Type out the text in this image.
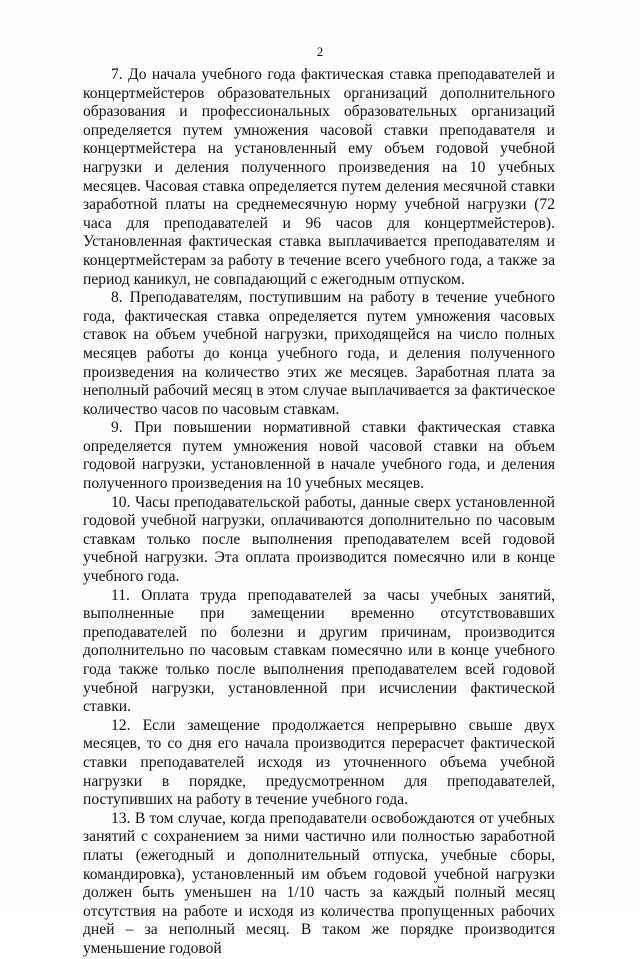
2

7. До начала учебного года фактическая ставка преподавателей и концертмейстеров образовательных организаций дополнительного образования и профессиональных образовательных организаций определяется путем умножения часовой ставки преподавателя и концертмейстера на установленный ему объем годовой учебной нагрузки и деления полученного произведения на 10 учебных месяцев. Часовая ставка определяется путем деления месячной ставки заработной платы на среднемесячную норму учебной нагрузки (72 часа для преподавателей и 96 часов для концертмейстеров). Установленная фактическая ставка выплачивается преподавателям и концертмейстерам за работу в течение всего учебного года, а также за период каникул, не совпадающий с ежегодным отпуском.

8. Преподавателям, поступившим на работу в течение учебного года, фактическая ставка определяется путем умножения часовых ставок на объем учебной нагрузки, приходящейся на число полных месяцев работы до конца учебного года, и деления полученного произведения на количество этих же месяцев. Заработная плата за неполный рабочий месяц в этом случае выплачивается за фактическое количество часов по часовым ставкам.

9. При повышении нормативной ставки фактическая ставка определяется путем умножения новой часовой ставки на объем годовой нагрузки, установленной в начале учебного года, и деления полученного произведения на 10 учебных месяцев.

10. Часы преподавательской работы, данные сверх установленной годовой учебной нагрузки, оплачиваются дополнительно по часовым ставкам только после выполнения преподавателем всей годовой учебной нагрузки. Эта оплата производится помесячно или в конце учебного года.

11. Оплата труда преподавателей за часы учебных занятий, выполненные при замещении временно отсутствовавших преподавателей по болезни и другим причинам, производится дополнительно по часовым ставкам помесячно или в конце учебного года также только после выполнения преподавателем всей годовой учебной нагрузки, установленной при исчислении фактической ставки.

12. Если замещение продолжается непрерывно свыше двух месяцев, то со дня его начала производится перерасчет фактической ставки преподавателей исходя из уточненного объема учебной нагрузки в порядке, предусмотренном для преподавателей, поступивших на работу в течение учебного года.

13. В том случае, когда преподаватели освобождаются от учебных занятий с сохранением за ними частично или полностью заработной платы (ежегодный и дополнительный отпуска, учебные сборы, командировка), установленный им объем годовой учебной нагрузки должен быть уменьшен на 1/10 часть за каждый полный месяц отсутствия на работе и исходя из количества пропущенных рабочих дней – за неполный месяц. В таком же порядке производится уменьшение годовой
